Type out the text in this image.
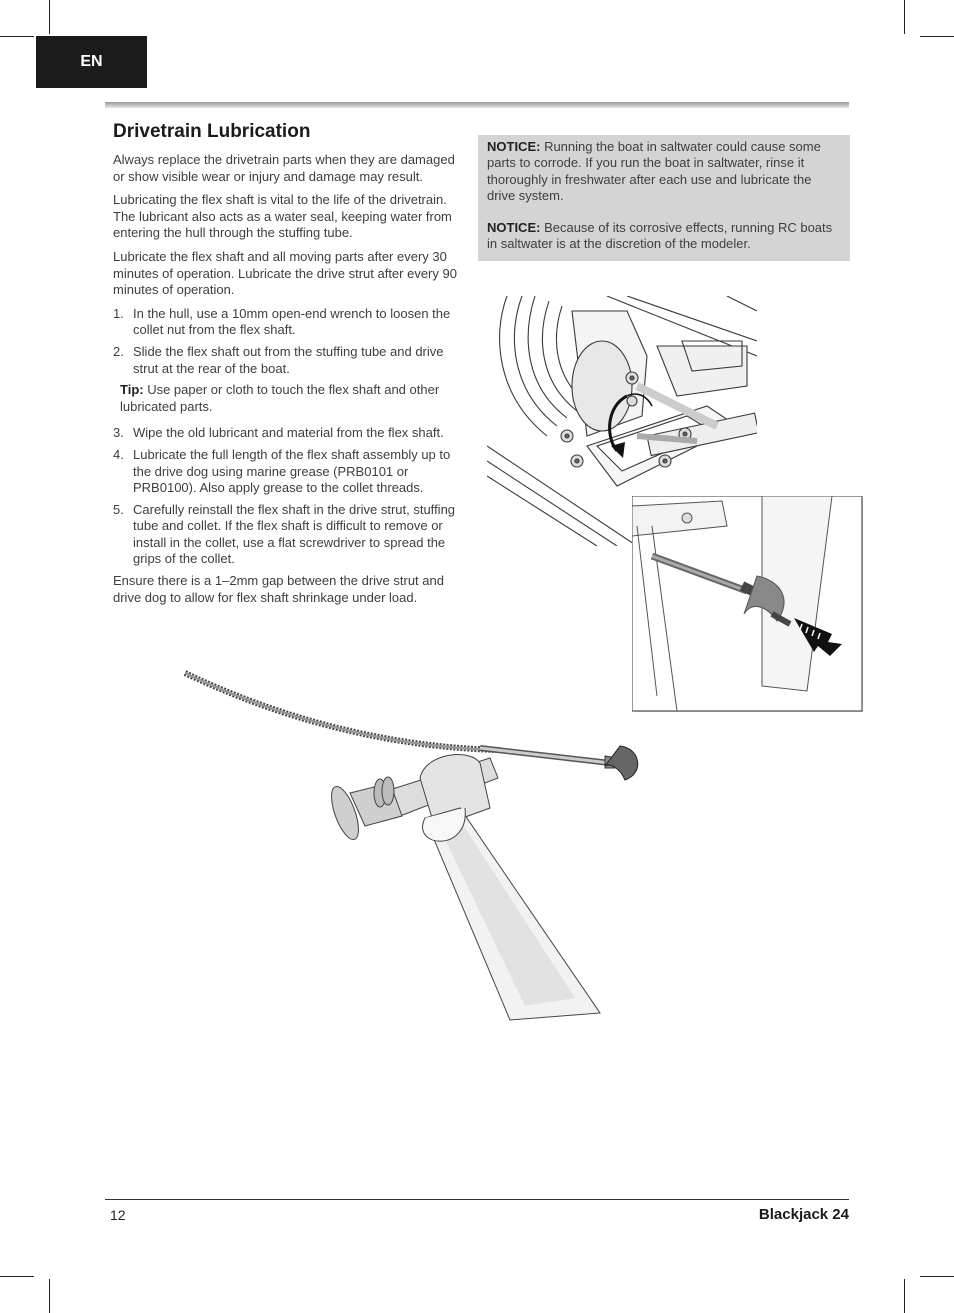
EN
Drivetrain Lubrication

Always replace the drivetrain parts when they are damaged or show visible wear or injury and damage may result.

Lubricating the flex shaft is vital to the life of the drivetrain. The lubricant also acts as a water seal, keeping water from entering the hull through the stuffing tube.

Lubricate the flex shaft and all moving parts after every 30 minutes of operation. Lubricate the drive strut after every 90 minutes of operation.

1. In the hull, use a 10mm open-end wrench to loosen the collet nut from the flex shaft.
2. Slide the flex shaft out from the stuffing tube and drive strut at the rear of the boat.
Tip: Use paper or cloth to touch the flex shaft and other lubricated parts.
3. Wipe the old lubricant and material from the flex shaft.
4. Lubricate the full length of the flex shaft assembly up to the drive dog using marine grease (PRB0101 or PRB0100). Also apply grease to the collet threads.
5. Carefully reinstall the flex shaft in the drive strut, stuffing tube and collet. If the flex shaft is difficult to remove or install in the collet, use a flat screwdriver to spread the grips of the collet.

Ensure there is a 1–2mm gap between the drive strut and drive dog to allow for flex shaft shrinkage under load.

NOTICE: Running the boat in saltwater could cause some parts to corrode. If you run the boat in saltwater, rinse it thoroughly in freshwater after each use and lubricate the drive system.

NOTICE: Because of its corrosive effects, running RC boats in saltwater is at the discretion of the modeler.

12	Blackjack 24
